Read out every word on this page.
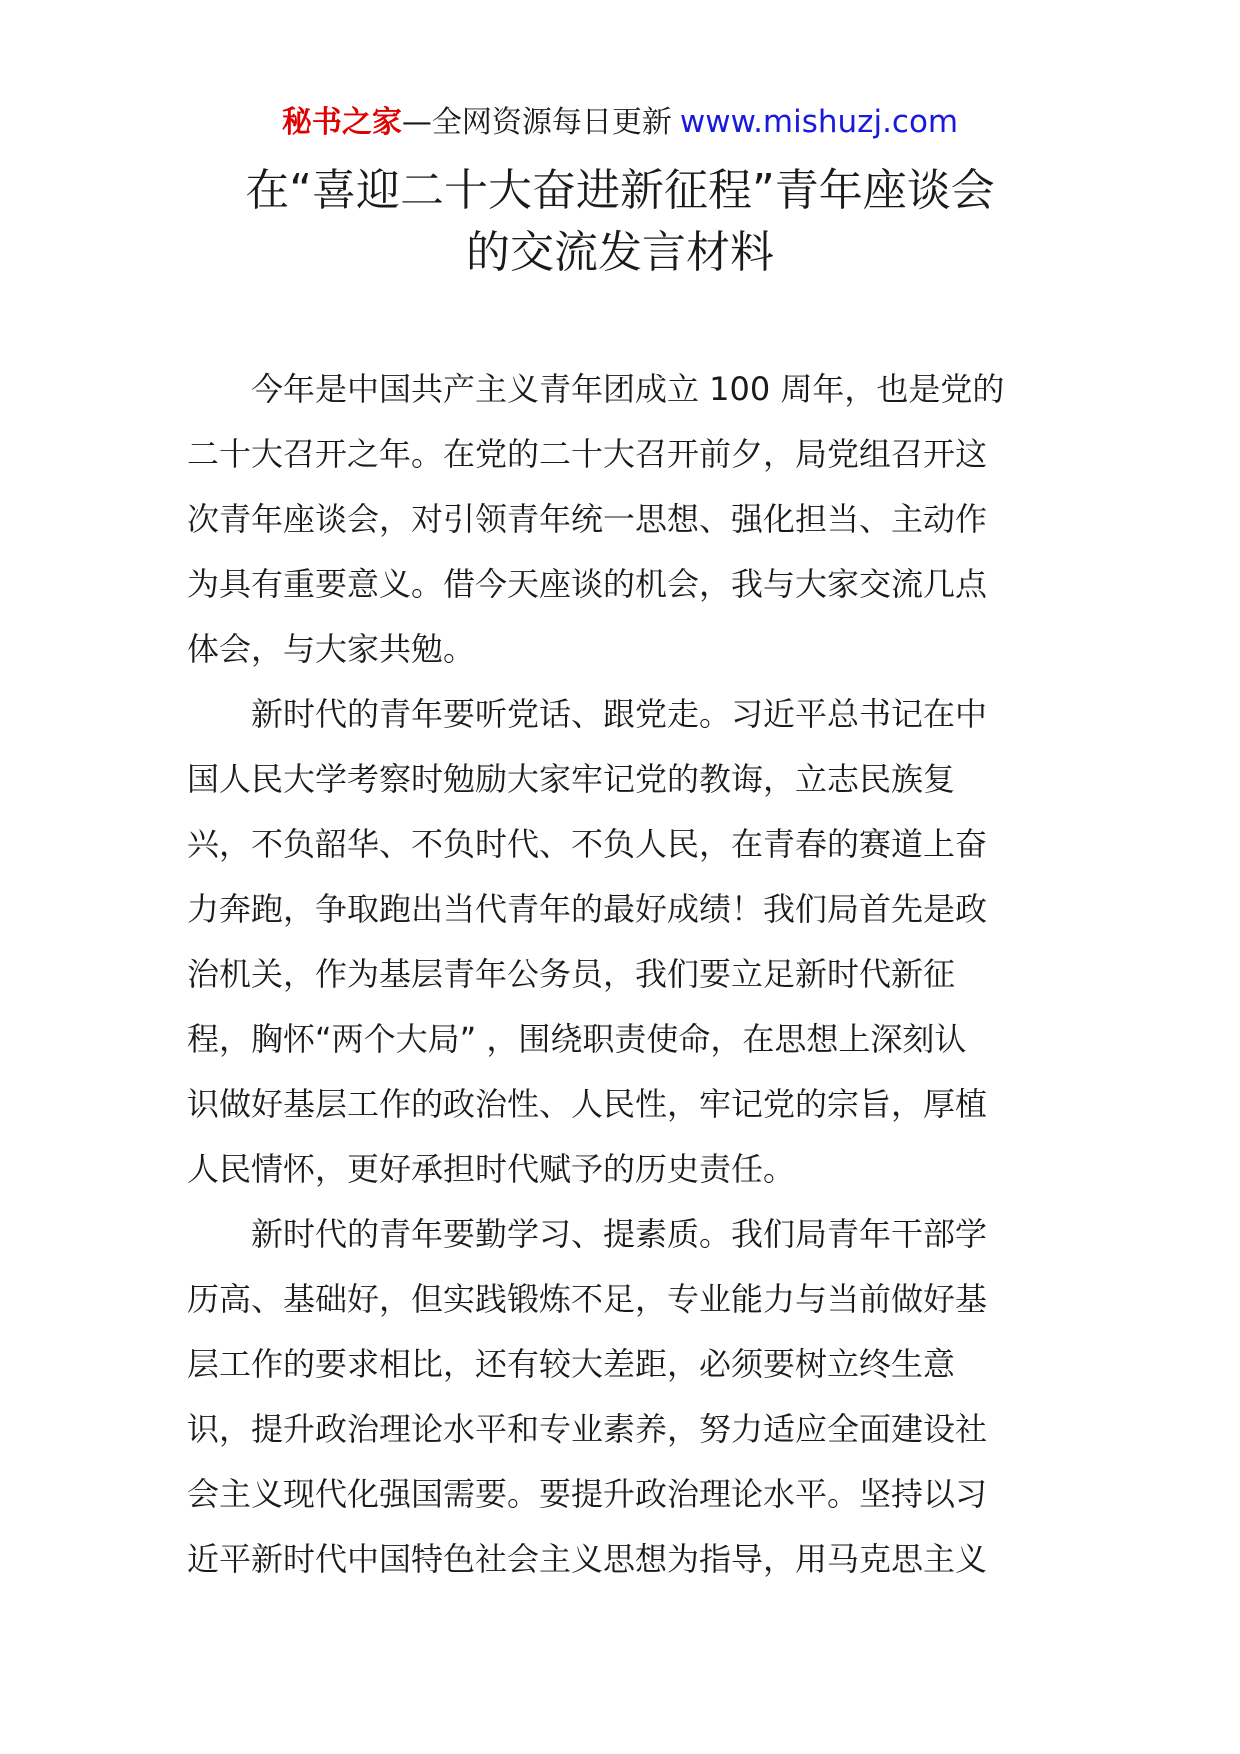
秘书之家—全网资源每日更新 www.mishuzj.com
在“喜迎二十大奋进新征程”青年座谈会
的交流发言材料
　　今年是中国共产主义青年团成立 100 周年，也是党的
二十大召开之年。在党的二十大召开前夕，局党组召开这
次青年座谈会，对引领青年统一思想、强化担当、主动作
为具有重要意义。借今天座谈的机会，我与大家交流几点
体会，与大家共勉。
　　新时代的青年要听党话、跟党走。习近平总书记在中
国人民大学考察时勉励大家牢记党的教诲，立志民族复
兴，不负韶华、不负时代、不负人民，在青春的赛道上奋
力奔跑，争取跑出当代青年的最好成绩！我们局首先是政
治机关，作为基层青年公务员，我们要立足新时代新征
程，胸怀“两个大局” ，围绕职责使命，在思想上深刻认
识做好基层工作的政治性、人民性，牢记党的宗旨，厚植
人民情怀，更好承担时代赋予的历史责任。
　　新时代的青年要勤学习、提素质。我们局青年干部学
历高、基础好，但实践锻炼不足，专业能力与当前做好基
层工作的要求相比，还有较大差距，必须要树立终生意
识，提升政治理论水平和专业素养，努力适应全面建设社
会主义现代化强国需要。要提升政治理论水平。坚持以习
近平新时代中国特色社会主义思想为指导，用马克思主义
